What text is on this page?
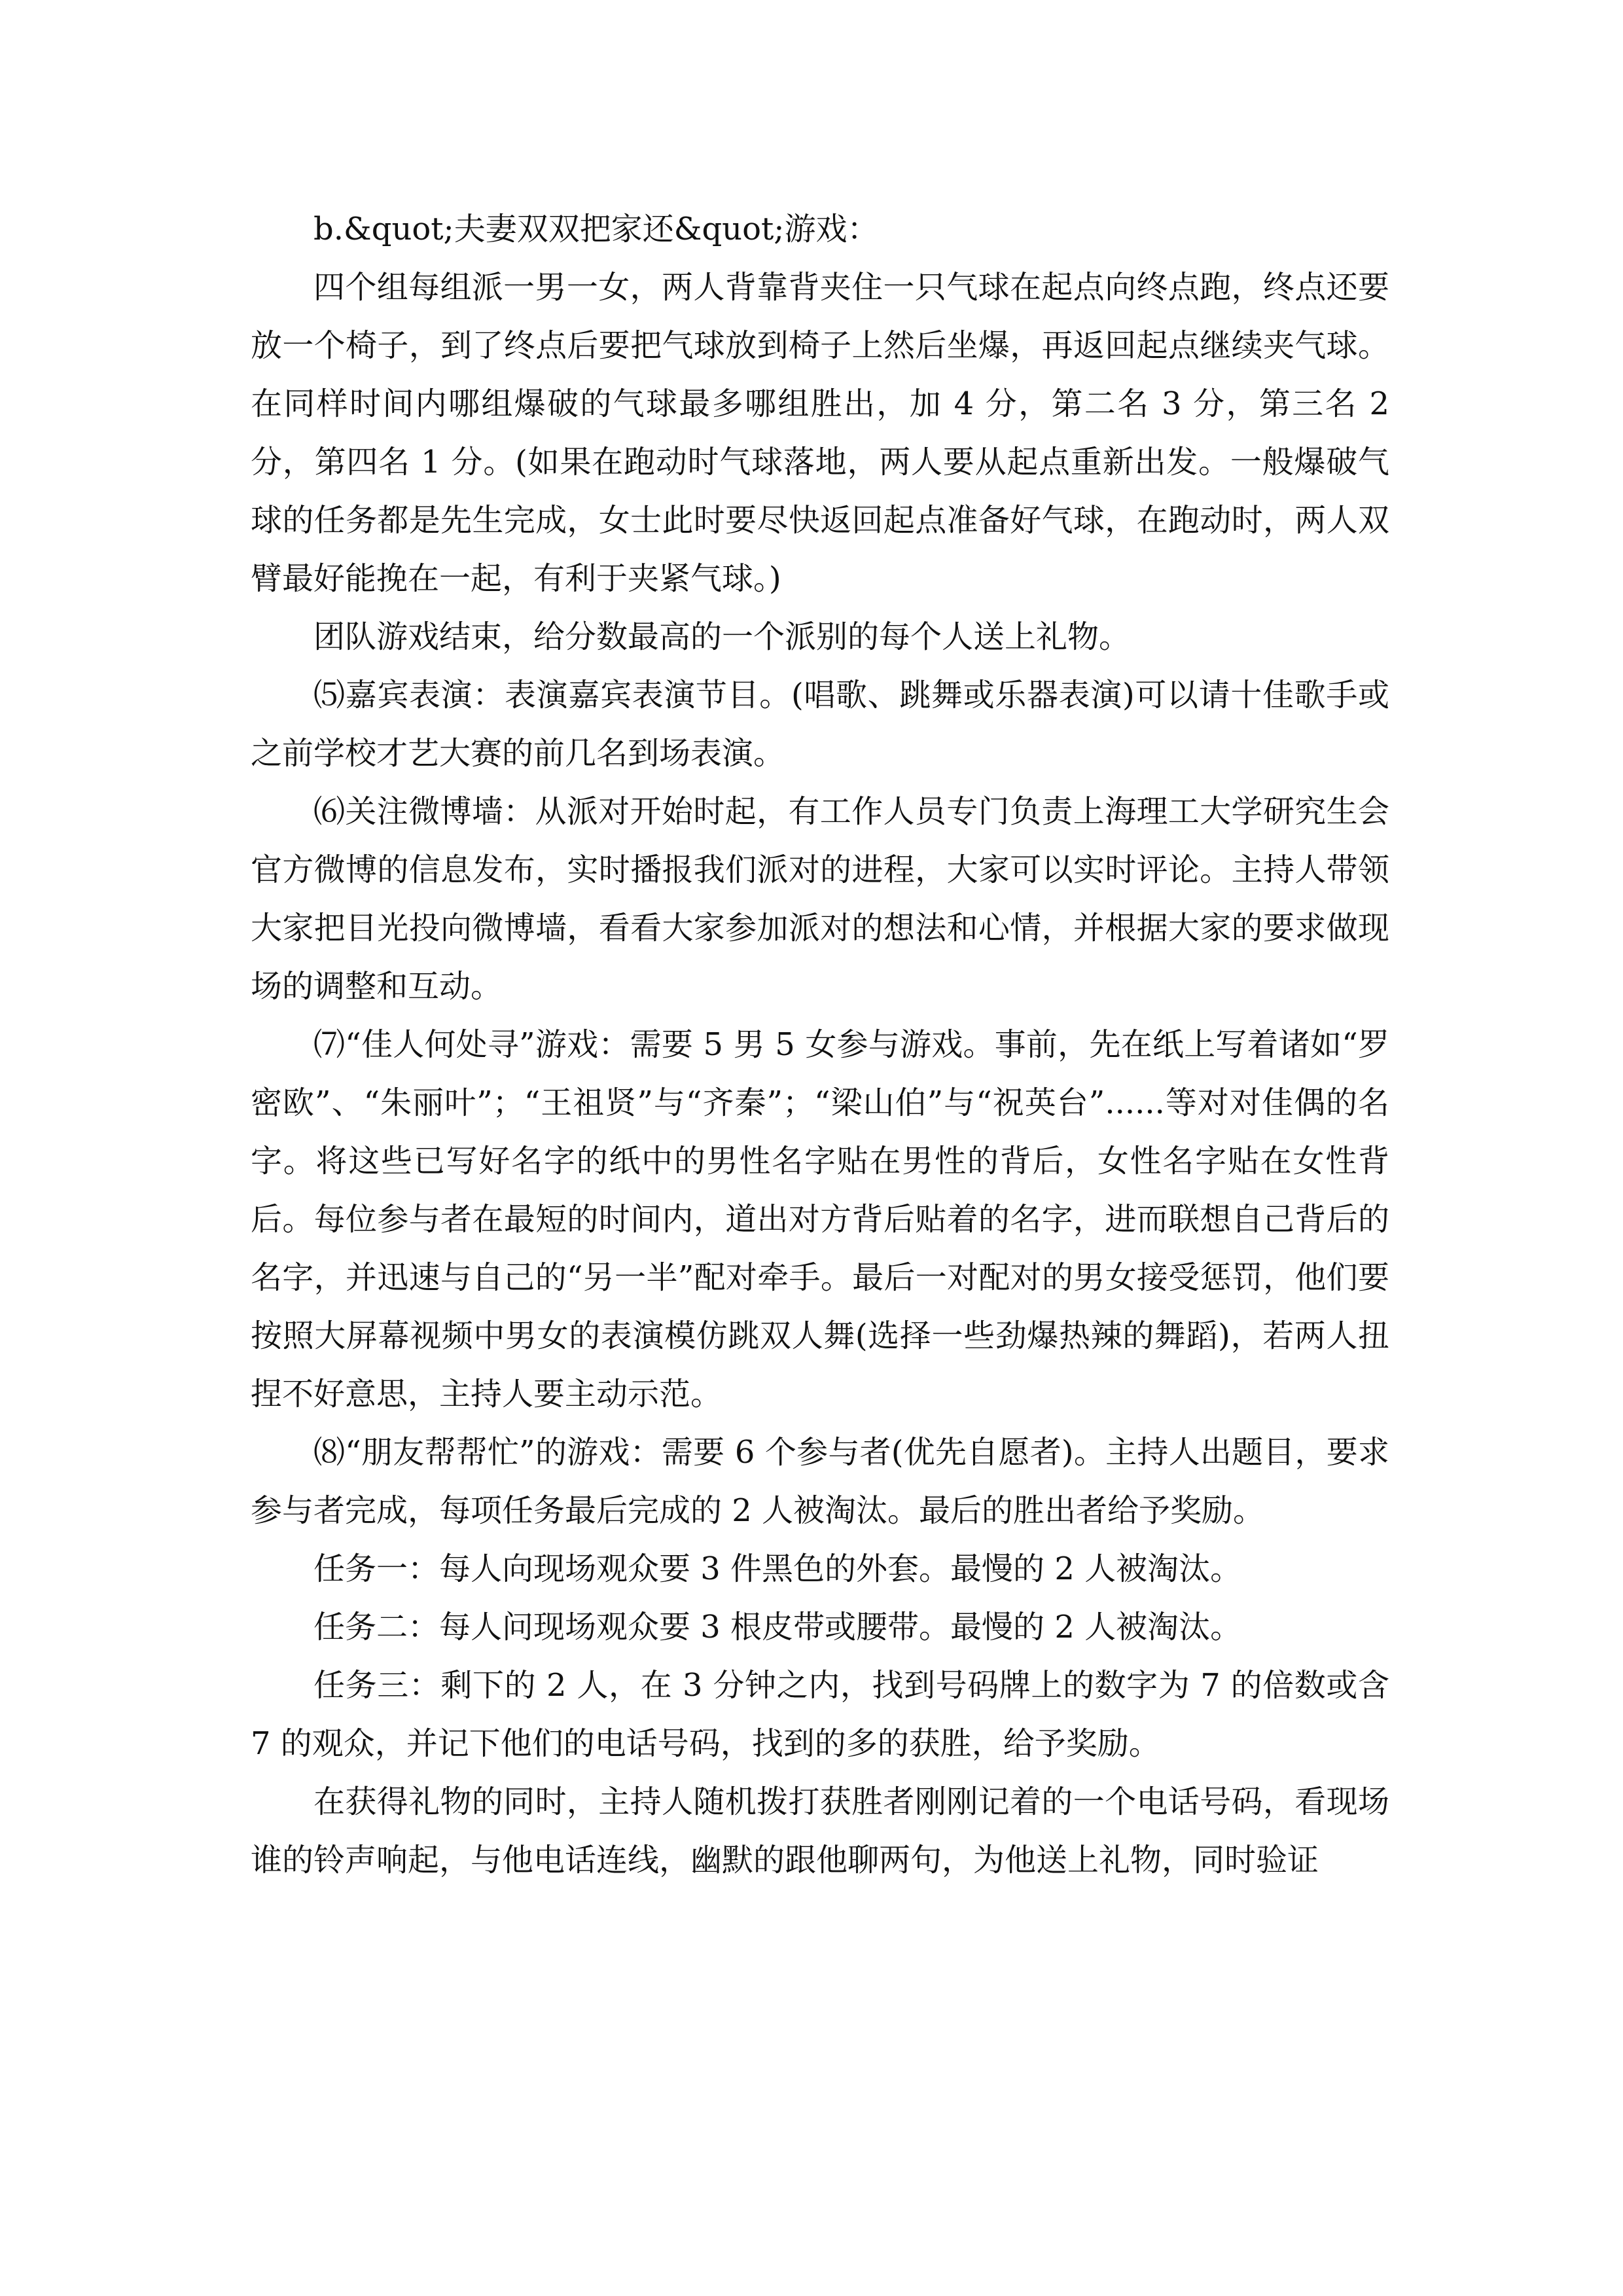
b.&quot;夫妻双双把家还&quot;游戏：

四个组每组派一男一女，两人背靠背夹住一只气球在起点向终点跑，终点还要放一个椅子，到了终点后要把气球放到椅子上然后坐爆，再返回起点继续夹气球。在同样时间内哪组爆破的气球最多哪组胜出，加 4 分，第二名 3 分，第三名 2 分，第四名 1 分。(如果在跑动时气球落地，两人要从起点重新出发。一般爆破气球的任务都是先生完成，女士此时要尽快返回起点准备好气球，在跑动时，两人双臂最好能挽在一起，有利于夹紧气球。)

团队游戏结束，给分数最高的一个派别的每个人送上礼物。

⑸嘉宾表演：表演嘉宾表演节目。(唱歌、跳舞或乐器表演)可以请十佳歌手或之前学校才艺大赛的前几名到场表演。

⑹关注微博墙：从派对开始时起，有工作人员专门负责上海理工大学研究生会官方微博的信息发布，实时播报我们派对的进程，大家可以实时评论。主持人带领大家把目光投向微博墙，看看大家参加派对的想法和心情，并根据大家的要求做现场的调整和互动。

⑺“佳人何处寻”游戏：需要 5 男 5 女参与游戏。事前，先在纸上写着诸如“罗密欧”、“朱丽叶”；“王祖贤”与“齐秦”；“梁山伯”与“祝英台”......等对对佳偶的名字。将这些已写好名字的纸中的男性名字贴在男性的背后，女性名字贴在女性背后。每位参与者在最短的时间内，道出对方背后贴着的名字，进而联想自己背后的名字，并迅速与自己的“另一半”配对牵手。最后一对配对的男女接受惩罚，他们要按照大屏幕视频中男女的表演模仿跳双人舞(选择一些劲爆热辣的舞蹈)，若两人扭捏不好意思，主持人要主动示范。

⑻“朋友帮帮忙”的游戏：需要 6 个参与者(优先自愿者)。主持人出题目，要求参与者完成，每项任务最后完成的 2 人被淘汰。最后的胜出者给予奖励。

任务一：每人向现场观众要 3 件黑色的外套。最慢的 2 人被淘汰。

任务二：每人问现场观众要 3 根皮带或腰带。最慢的 2 人被淘汰。

任务三：剩下的 2 人，在 3 分钟之内，找到号码牌上的数字为 7 的倍数或含 7 的观众，并记下他们的电话号码，找到的多的获胜，给予奖励。

在获得礼物的同时，主持人随机拨打获胜者刚刚记着的一个电话号码，看现场谁的铃声响起，与他电话连线，幽默的跟他聊两句，为他送上礼物，同时验证
